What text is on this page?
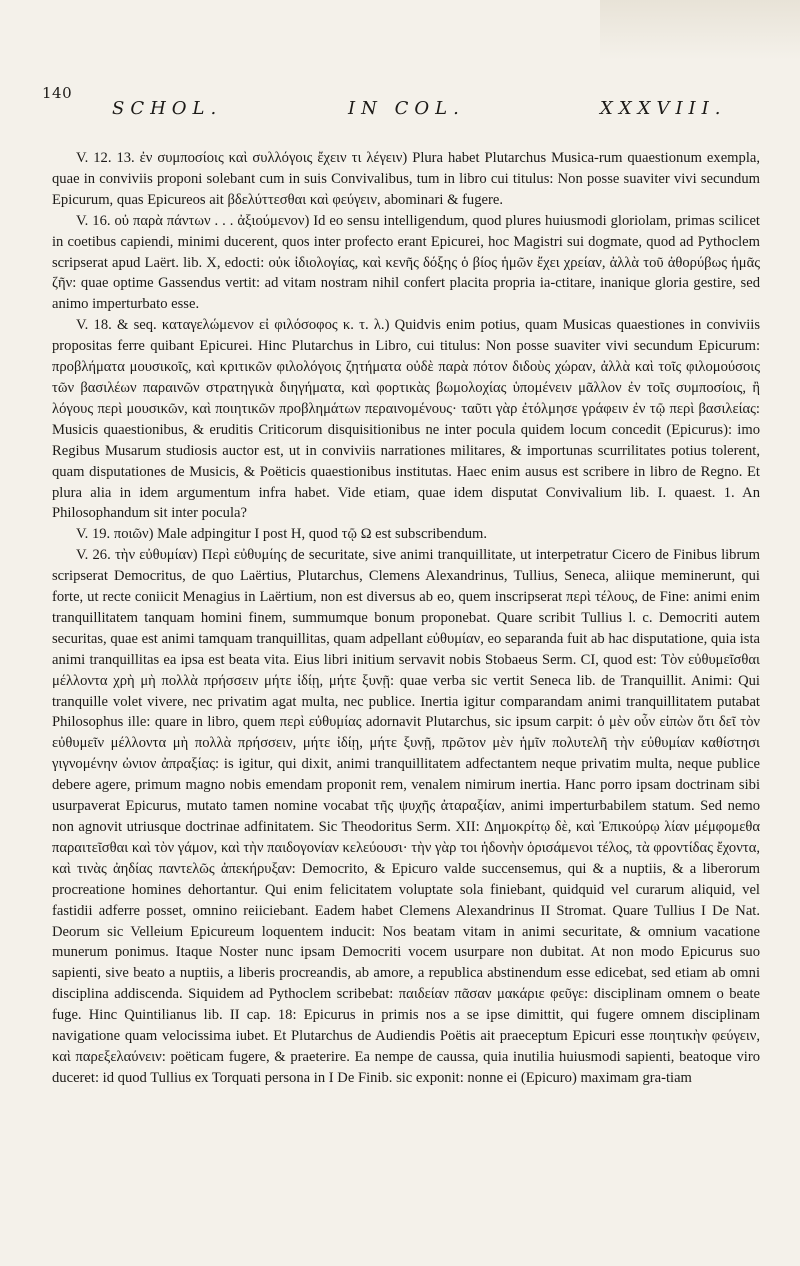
140
SCHOL.	IN COL.	XXXVIII.

V. 12. 13. ἐν συμποσίοις καὶ συλλόγοις ἔχειν τι λέγειν) Plura habet Plutarchus Musica-rum quaestionum exempla, quae in conviviis proponi solebant cum in suis Convivalibus, tum in libro cui titulus: Non posse suaviter vivi secundum Epicurum, quas Epicureos ait βδελύττεσθαι καὶ φεύγειν, abominari & fugere.

V. 16. οὐ παρὰ πάντων . . . ἀξιούμενον) Id eo sensu intelligendum, quod plures huiusmodi gloriolam, primas scilicet in coetibus capiendi, minimi ducerent, quos inter profecto erant Epicurei, hoc Magistri sui dogmate, quod ad Pythoclem scripserat apud Laërt. lib. X, edocti: οὐκ ἰδιολογίας, καὶ κενῆς δόξης ὁ βίος ἡμῶν ἔχει χρείαν, ἀλλὰ τοῦ ἀθορύβως ἡμᾶς ζῆν: quae optime Gassendus vertit: ad vitam nostram nihil confert placita propria ia-ctitare, inanique gloria gestire, sed animo imperturbato esse.

V. 18. & seq. καταγελώμενον εἰ φιλόσοφος κ. τ. λ.) Quidvis enim potius, quam Musicas quaestiones in conviviis propositas ferre quibant Epicurei. Hinc Plutarchus in Libro, cui titulus: Non posse suaviter vivi secundum Epicurum: προβλήματα μουσικοῖς, καὶ κριτικῶν φιλολόγοις ζητήματα οὐδὲ παρὰ πότον διδοὺς χώραν, ἀλλὰ καὶ τοῖς φιλομούσοις τῶν βασιλέων παραινῶν στρατηγικὰ διηγήματα, καὶ φορτικὰς βωμολοχίας ὑπομένειν μᾶλλον ἐν τοῖς συμποσίοις, ἢ λόγους περὶ μουσικῶν, καὶ ποιητικῶν προβλημάτων περαινομένους· ταῦτι γὰρ ἐτόλμησε γράφειν ἐν τῷ περὶ βασιλείας: Musicis quaestionibus, & eruditis Criticorum disquisitionibus ne inter pocula quidem locum concedit (Epicurus): imo Regibus Musarum studiosis auctor est, ut in conviviis narrationes militares, & importunas scurrilitates potius tolerent, quam disputationes de Musicis, & Poëticis quaestionibus institutas. Haec enim ausus est scribere in libro de Regno. Et plura alia in idem argumentum infra habet. Vide etiam, quae idem disputat Convivalium lib. I. quaest. 1. An Philosophandum sit inter pocula?

V. 19. ποιῶν) Male adpingitur I post H, quod τῷ Ω est subscribendum.

V. 26. τὴν εὐθυμίαν) Περὶ εὐθυμίης de securitate, sive animi tranquillitate, ut interpetratur Cicero de Finibus librum scripserat Democritus, de quo Laërtius, Plutarchus, Clemens Alexandrinus, Tullius, Seneca, aliique meminerunt, qui forte, ut recte coniicit Menagius in Laërtium, non est diversus ab eo, quem inscripserat περὶ τέλους, de Fine: animi enim tranquillitatem tanquam homini finem, summumque bonum proponebat. Quare scribit Tullius l. c. Democriti autem securitas, quae est animi tamquam tranquillitas, quam adpellant εὐθυμίαν, eo separanda fuit ab hac disputatione, quia ista animi tranquillitas ea ipsa est beata vita. Eius libri initium servavit nobis Stobaeus Serm. CI, quod est: Τὸν εὐθυμεῖσθαι μέλλοντα χρὴ μὴ πολλὰ πρήσσειν μήτε ἰδίῃ, μήτε ξυνῇ: quae verba sic vertit Seneca lib. de Tranquillit. Animi: Qui tranquille volet vivere, nec privatim agat multa, nec publice. Inertia igitur comparandam animi tranquillitatem putabat Philosophus ille: quare in libro, quem περὶ εὐθυμίας adornavit Plutarchus, sic ipsum carpit: ὁ μὲν οὖν εἰπὼν ὅτι δεῖ τὸν εὐθυμεῖν μέλλοντα μὴ πολλὰ πρήσσειν, μήτε ἰδίῃ, μήτε ξυνῇ, πρῶτον μὲν ἡμῖν πολυτελῆ τὴν εὐθυμίαν καθίστησι γιγνομένην ὠνιον ἀπραξίας: is igitur, qui dixit, animi tranquillitatem adfectantem neque privatim multa, neque publice debere agere, primum magno nobis emendam proponit rem, venalem nimirum inertia. Hanc porro ipsam doctrinam sibi usurpaverat Epicurus, mutato tamen nomine vocabat τῆς ψυχῆς ἀταραξίαν, animi imperturbabilem statum. Sed nemo non agnovit utriusque doctrinae adfinitatem. Sic Theodoritus Serm. XII: Δημοκρίτῳ δὲ, καὶ Ἐπικούρῳ λίαν μέμφομεθα παραιτεῖσθαι καὶ τὸν γάμον, καὶ τὴν παιδογονίαν κελεύουσι· τὴν γὰρ τοι ἡδονὴν ὁρισάμενοι τέλος, τὰ φροντίδας ἔχοντα, καὶ τινὰς ἀηδίας παντελῶς ἀπεκήρυξαν: Democrito, & Epicuro valde succensemus, qui & a nuptiis, & a liberorum procreatione homines dehortantur. Qui enim felicitatem voluptate sola finiebant, quidquid vel curarum aliquid, vel fastidii adferre posset, omnino reiiciebant. Eadem habet Clemens Alexandrinus II Stromat. Quare Tullius I De Nat. Deorum sic Velleium Epicureum loquentem inducit: Nos beatam vitam in animi securitate, & omnium vacatione munerum ponimus. Itaque Noster nunc ipsam Democriti vocem usurpare non dubitat. At non modo Epicurus suo sapienti, sive beato a nuptiis, a liberis procreandis, ab amore, a republica abstinendum esse edicebat, sed etiam ab omni disciplina addiscenda. Siquidem ad Pythoclem scribebat: παιδείαν πᾶσαν μακάριε φεῦγε: disciplinam omnem o beate fuge. Hinc Quintilianus lib. II cap. 18: Epicurus in primis nos a se ipse dimittit, qui fugere omnem disciplinam navigatione quam velocissima iubet. Et Plutarchus de Audiendis Poëtis ait praeceptum Epicuri esse ποιητικὴν φεύγειν, καὶ παρεξελαύνειν: poëticam fugere, & praeterire. Ea nempe de caussa, quia inutilia huiusmodi sapienti, beatoque viro duceret: id quod Tullius ex Torquati persona in I De Finib. sic exponit: nonne ei (Epicuro) maximam gra-tiam
